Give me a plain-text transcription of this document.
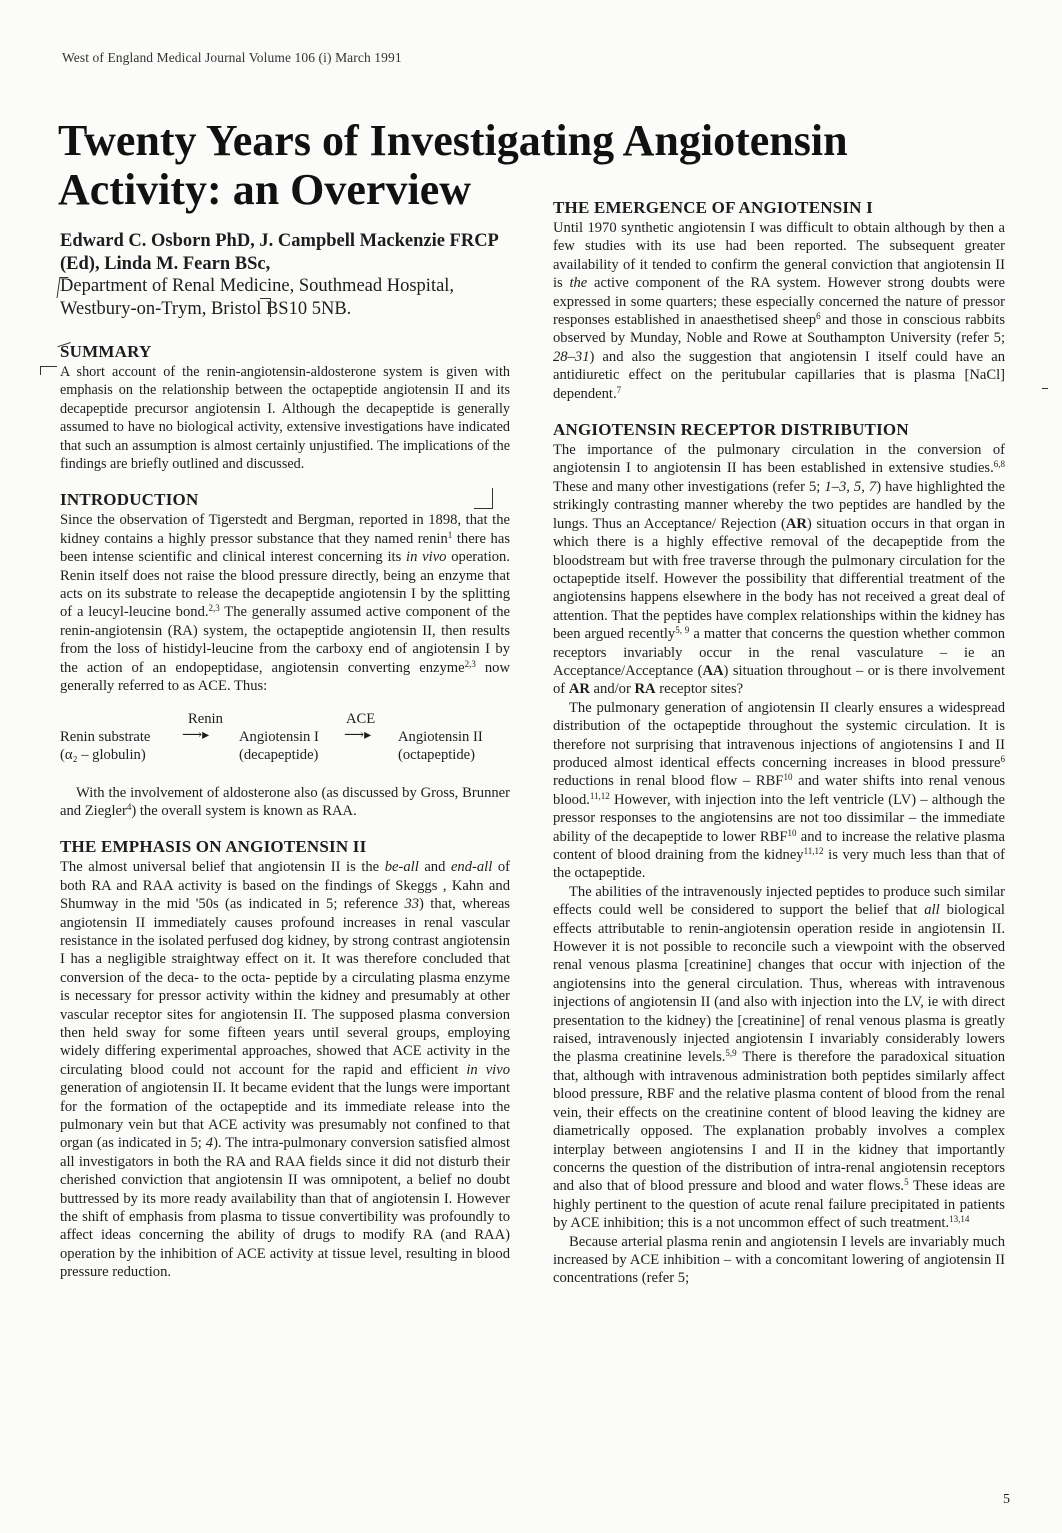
West of England Medical Journal Volume 106 (i) March 1991
Twenty Years of Investigating Angiotensin Activity: an Overview

Edward C. Osborn PhD, J. Campbell Mackenzie FRCP (Ed), Linda M. Fearn BSc,

Department of Renal Medicine, Southmead Hospital, Westbury-on-Trym, Bristol BS10 5NB.

SUMMARY

A short account of the renin-angiotensin-aldosterone system is given with emphasis on the relationship between the octapeptide angiotensin II and its decapeptide precursor angiotensin I. Although the decapeptide is generally assumed to have no biological activity, extensive investigations have indicated that such an assumption is almost certainly unjustified. The implications of the findings are briefly outlined and discussed.

INTRODUCTION

Since the observation of Tigerstedt and Bergman, reported in 1898, that the kidney contains a highly pressor substance that they named renin$^1$ there has been intense scientific and clinical interest concerning its in vivo operation. Renin itself does not raise the blood pressure directly, being an enzyme that acts on its substrate to release the decapeptide angiotensin I by the splitting of a leucyl-leucine bond.$^{2,3}$ The generally assumed active component of the renin-angiotensin (RA) system, the octapeptide angiotensin II, then results from the loss of histidyl-leucine from the carboxy end of angiotensin I by the action of an endopeptidase, angiotensin converting enzyme$^{2,3}$ now generally referred to as ACE. Thus:

Renin	ACE
Renin substrate
(α₂ – globulin)
⟶▸ Angiotensin I
(decapeptide)
⟶▸ Angiotensin II
(octapeptide)

With the involvement of aldosterone also (as discussed by Gross, Brunner and Ziegler$^4$) the overall system is known as RAA.

THE EMPHASIS ON ANGIOTENSIN II

The almost universal belief that angiotensin II is the be-all and end-all of both RA and RAA activity is based on the findings of Skeggs , Kahn and Shumway in the mid '50s (as indicated in 5; reference 33) that, whereas angiotensin II immediately causes profound increases in renal vascular resistance in the isolated perfused dog kidney, by strong contrast angiotensin I has a negligible straightway effect on it. It was therefore concluded that conversion of the deca- to the octa- peptide by a circulating plasma enzyme is necessary for pressor activity within the kidney and presumably at other vascular receptor sites for angiotensin II. The supposed plasma conversion then held sway for some fifteen years until several groups, employing widely differing experimental approaches, showed that ACE activity in the circulating blood could not account for the rapid and efficient in vivo generation of angiotensin II. It became evident that the lungs were important for the formation of the octapeptide and its immediate release into the pulmonary vein but that ACE activity was presumably not confined to that organ (as indicated in 5; 4). The intra-pulmonary conversion satisfied almost all investigators in both the RA and RAA fields since it did not disturb their cherished conviction that angiotensin II was omnipotent, a belief no doubt buttressed by its more ready availability than that of angiotensin I. However the shift of emphasis from plasma to tissue convertibility was profoundly to affect ideas concerning the ability of drugs to modify RA (and RAA) operation by the inhibition of ACE activity at tissue level, resulting in blood pressure reduction.

THE EMERGENCE OF ANGIOTENSIN I

Until 1970 synthetic angiotensin I was difficult to obtain although by then a few studies with its use had been reported. The subsequent greater availability of it tended to confirm the general conviction that angiotensin II is the active component of the RA system. However strong doubts were expressed in some quarters; these especially concerned the nature of pressor responses established in anaesthetised sheep$^6$ and those in conscious rabbits observed by Munday, Noble and Rowe at Southampton University (refer 5; 28–31) and also the suggestion that angiotensin I itself could have an antidiuretic effect on the peritubular capillaries that is plasma [NaCl] dependent.$^7$

ANGIOTENSIN RECEPTOR DISTRIBUTION

The importance of the pulmonary circulation in the conversion of angiotensin I to angiotensin II has been established in extensive studies.$^{6,8}$ These and many other investigations (refer 5; 1–3, 5, 7) have highlighted the strikingly contrasting manner whereby the two peptides are handled by the lungs. Thus an Acceptance/ Rejection (AR) situation occurs in that organ in which there is a highly effective removal of the decapeptide from the bloodstream but with free traverse through the pulmonary circulation for the octapeptide itself. However the possibility that differential treatment of the angiotensins happens elsewhere in the body has not received a great deal of attention. That the peptides have complex relationships within the kidney has been argued recently$^{5, 9}$ a matter that concerns the question whether common receptors invariably occur in the renal vasculature – ie an Acceptance/Acceptance (AA) situation throughout – or is there involvement of AR and/or RA receptor sites?

The pulmonary generation of angiotensin II clearly ensures a widespread distribution of the octapeptide throughout the systemic circulation. It is therefore not surprising that intravenous injections of angiotensins I and II produced almost identical effects concerning increases in blood pressure$^6$ reductions in renal blood flow – RBF$^{10}$ and water shifts into renal venous blood.$^{11,12}$ However, with injection into the left ventricle (LV) – although the pressor responses to the angiotensins are not too dissimilar – the immediate ability of the decapeptide to lower RBF$^{10}$ and to increase the relative plasma content of blood draining from the kidney$^{11,12}$ is very much less than that of the octapeptide.

The abilities of the intravenously injected peptides to produce such similar effects could well be considered to support the belief that all biological effects attributable to renin-angiotensin operation reside in angiotensin II. However it is not possible to reconcile such a viewpoint with the observed renal venous plasma [creatinine] changes that occur with injection of the angiotensins into the general circulation. Thus, whereas with intravenous injections of angiotensin II (and also with injection into the LV, ie with direct presentation to the kidney) the [creatinine] of renal venous plasma is greatly raised, intravenously injected angiotensin I invariably considerably lowers the plasma creatinine levels.$^{5,9}$ There is therefore the paradoxical situation that, although with intravenous administration both peptides similarly affect blood pressure, RBF and the relative plasma content of blood from the renal vein, their effects on the creatinine content of blood leaving the kidney are diametrically opposed. The explanation probably involves a complex interplay between angiotensins I and II in the kidney that importantly concerns the question of the distribution of intra-renal angiotensin receptors and also that of blood pressure and blood and water flows.$^5$ These ideas are highly pertinent to the question of acute renal failure precipitated in patients by ACE inhibition; this is a not uncommon effect of such treatment.$^{13,14}$

Because arterial plasma renin and angiotensin I levels are invariably much increased by ACE inhibition – with a concomitant lowering of angiotensin II concentrations (refer 5;

5
